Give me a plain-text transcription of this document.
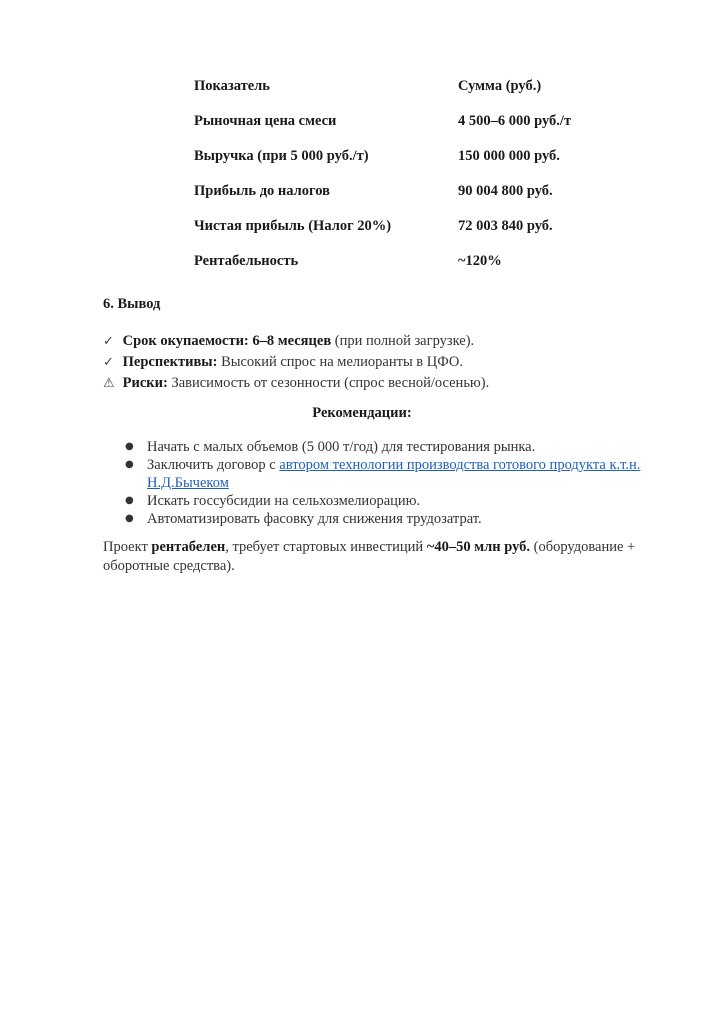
Показатель	Сумма (руб.)
Рыночная цена смеси	4 500–6 000 руб./т
Выручка (при 5 000 руб./т)	150 000 000 руб.
Прибыль до налогов	90 004 800 руб.
Чистая прибыль (Налог 20%)	72 003 840 руб.
Рентабельность	~120%
6. Вывод
✓ Срок окупаемости: 6–8 месяцев (при полной загрузке).
✓ Перспективы: Высокий спрос на мелиоранты в ЦФО.
⚠ Риски: Зависимость от сезонности (спрос весной/осенью).
Рекомендации:
● Начать с малых объемов (5 000 т/год) для тестирования рынка.
● Заключить договор с автором технологии производства готового продукта к.т.н. Н.Д.Бычеком
● Искать госсубсидии на сельхозмелиорацию.
● Автоматизировать фасовку для снижения трудозатрат.
Проект рентабелен, требует стартовых инвестиций ~40–50 млн руб. (оборудование + оборотные средства).
